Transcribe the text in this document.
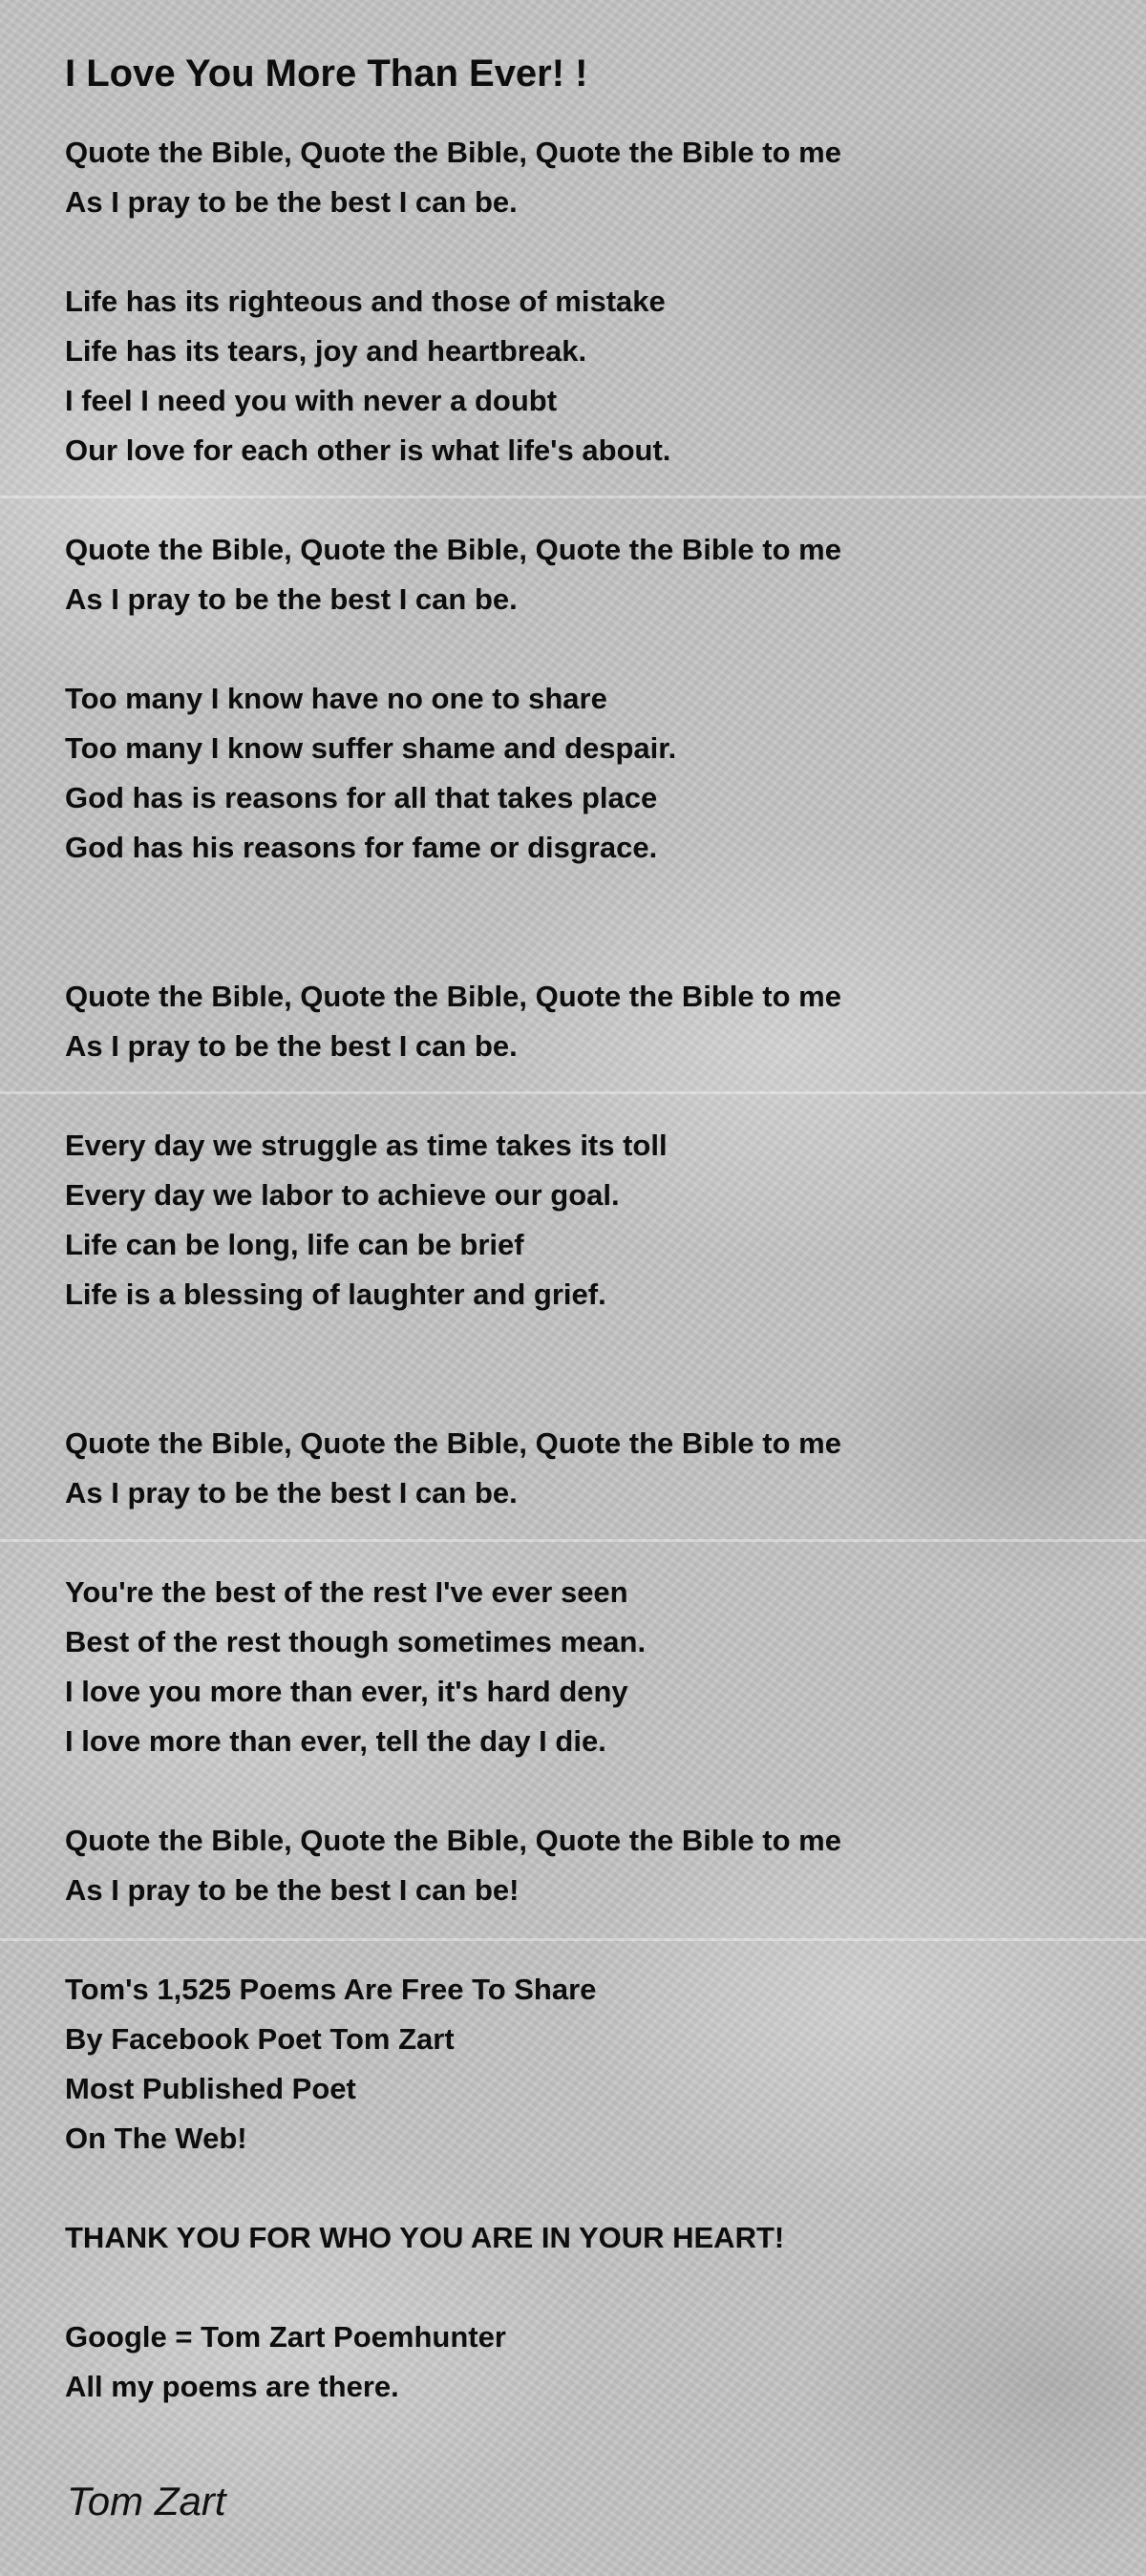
I Love You More Than Ever! !
Quote the Bible, Quote the Bible, Quote the Bible to me
As I pray to be the best I can be.
Life has its righteous and those of mistake
Life has its tears, joy and heartbreak.
I feel I need you with never a doubt
Our love for each other is what life's about.
Quote the Bible, Quote the Bible, Quote the Bible to me
As I pray to be the best I can be.
Too many I know have no one to share
Too many I know suffer shame and despair.
God has is reasons for all that takes place
God has his reasons for fame or disgrace.
Quote the Bible, Quote the Bible, Quote the Bible to me
As I pray to be the best I can be.
Every day we struggle as time takes its toll
Every day we labor to achieve our goal.
Life can be long, life can be brief
Life is a blessing of laughter and grief.
Quote the Bible, Quote the Bible, Quote the Bible to me
As I pray to be the best I can be.
You're the best of the rest I've ever seen
Best of the rest though sometimes mean.
I love you more than ever, it's hard deny
I love more than ever, tell the day I die.
Quote the Bible, Quote the Bible, Quote the Bible to me
As I pray to be the best I can be!
Tom's 1,525 Poems Are Free To Share
By Facebook Poet Tom Zart
Most Published Poet
On The Web!
THANK YOU FOR WHO YOU ARE IN YOUR HEART!
Google = Tom Zart Poemhunter
All my poems are there.
Tom Zart
